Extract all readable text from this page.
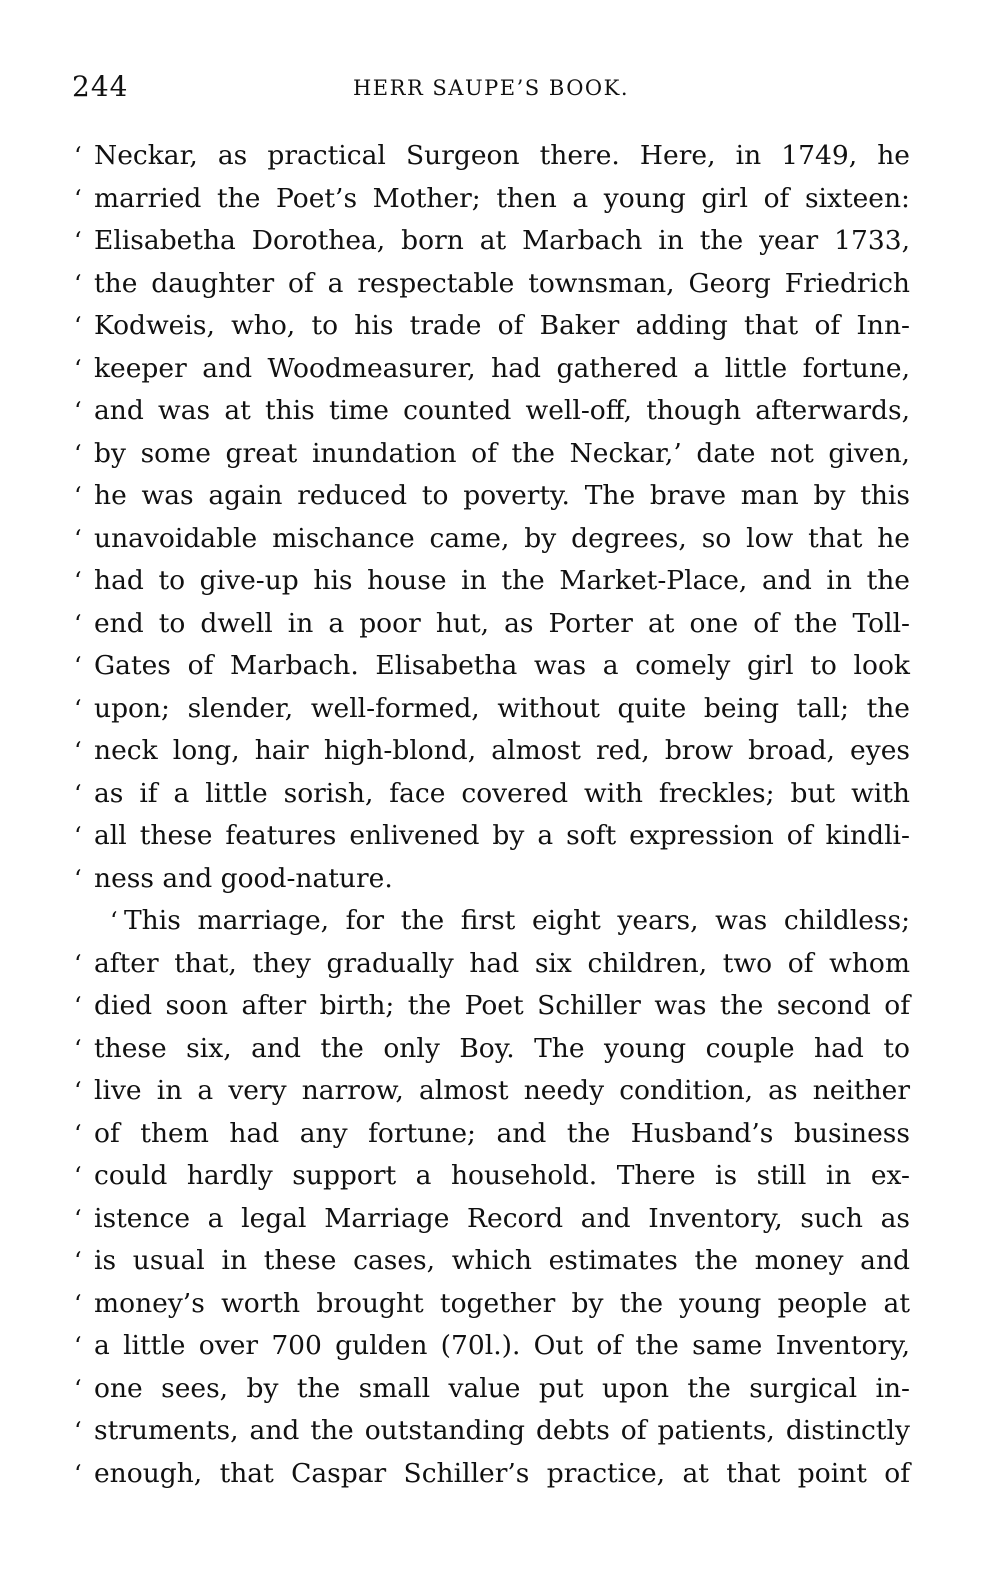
244	HERR SAUPE’S BOOK.
‘ Neckar, as practical Surgeon there. Here, in 1749, he
‘ married the Poet’s Mother; then a young girl of sixteen:
‘ Elisabetha Dorothea, born at Marbach in the year 1733,
‘ the daughter of a respectable townsman, Georg Friedrich
‘ Kodweis, who, to his trade of Baker adding that of Inn-
‘ keeper and Woodmeasurer, had gathered a little fortune,
‘ and was at this time counted well-off, though afterwards,
‘ by some great inundation of the Neckar,’ date not given,
‘ he was again reduced to poverty. The brave man by this
‘ unavoidable mischance came, by degrees, so low that he
‘ had to give-up his house in the Market-Place, and in the
‘ end to dwell in a poor hut, as Porter at one of the Toll-
‘ Gates of Marbach. Elisabetha was a comely girl to look
‘ upon; slender, well-formed, without quite being tall; the
‘ neck long, hair high-blond, almost red, brow broad, eyes
‘ as if a little sorish, face covered with freckles; but with
‘ all these features enlivened by a soft expression of kindli-
‘ ness and good-nature.
‘ This marriage, for the first eight years, was childless;
‘ after that, they gradually had six children, two of whom
‘ died soon after birth; the Poet Schiller was the second of
‘ these six, and the only Boy. The young couple had to
‘ live in a very narrow, almost needy condition, as neither
‘ of them had any fortune; and the Husband’s business
‘ could hardly support a household. There is still in ex-
‘ istence a legal Marriage Record and Inventory, such as
‘ is usual in these cases, which estimates the money and
‘ money’s worth brought together by the young people at
‘ a little over 700 gulden (70l.). Out of the same Inventory,
‘ one sees, by the small value put upon the surgical in-
‘ struments, and the outstanding debts of patients, distinctly
‘ enough, that Caspar Schiller’s practice, at that point of
